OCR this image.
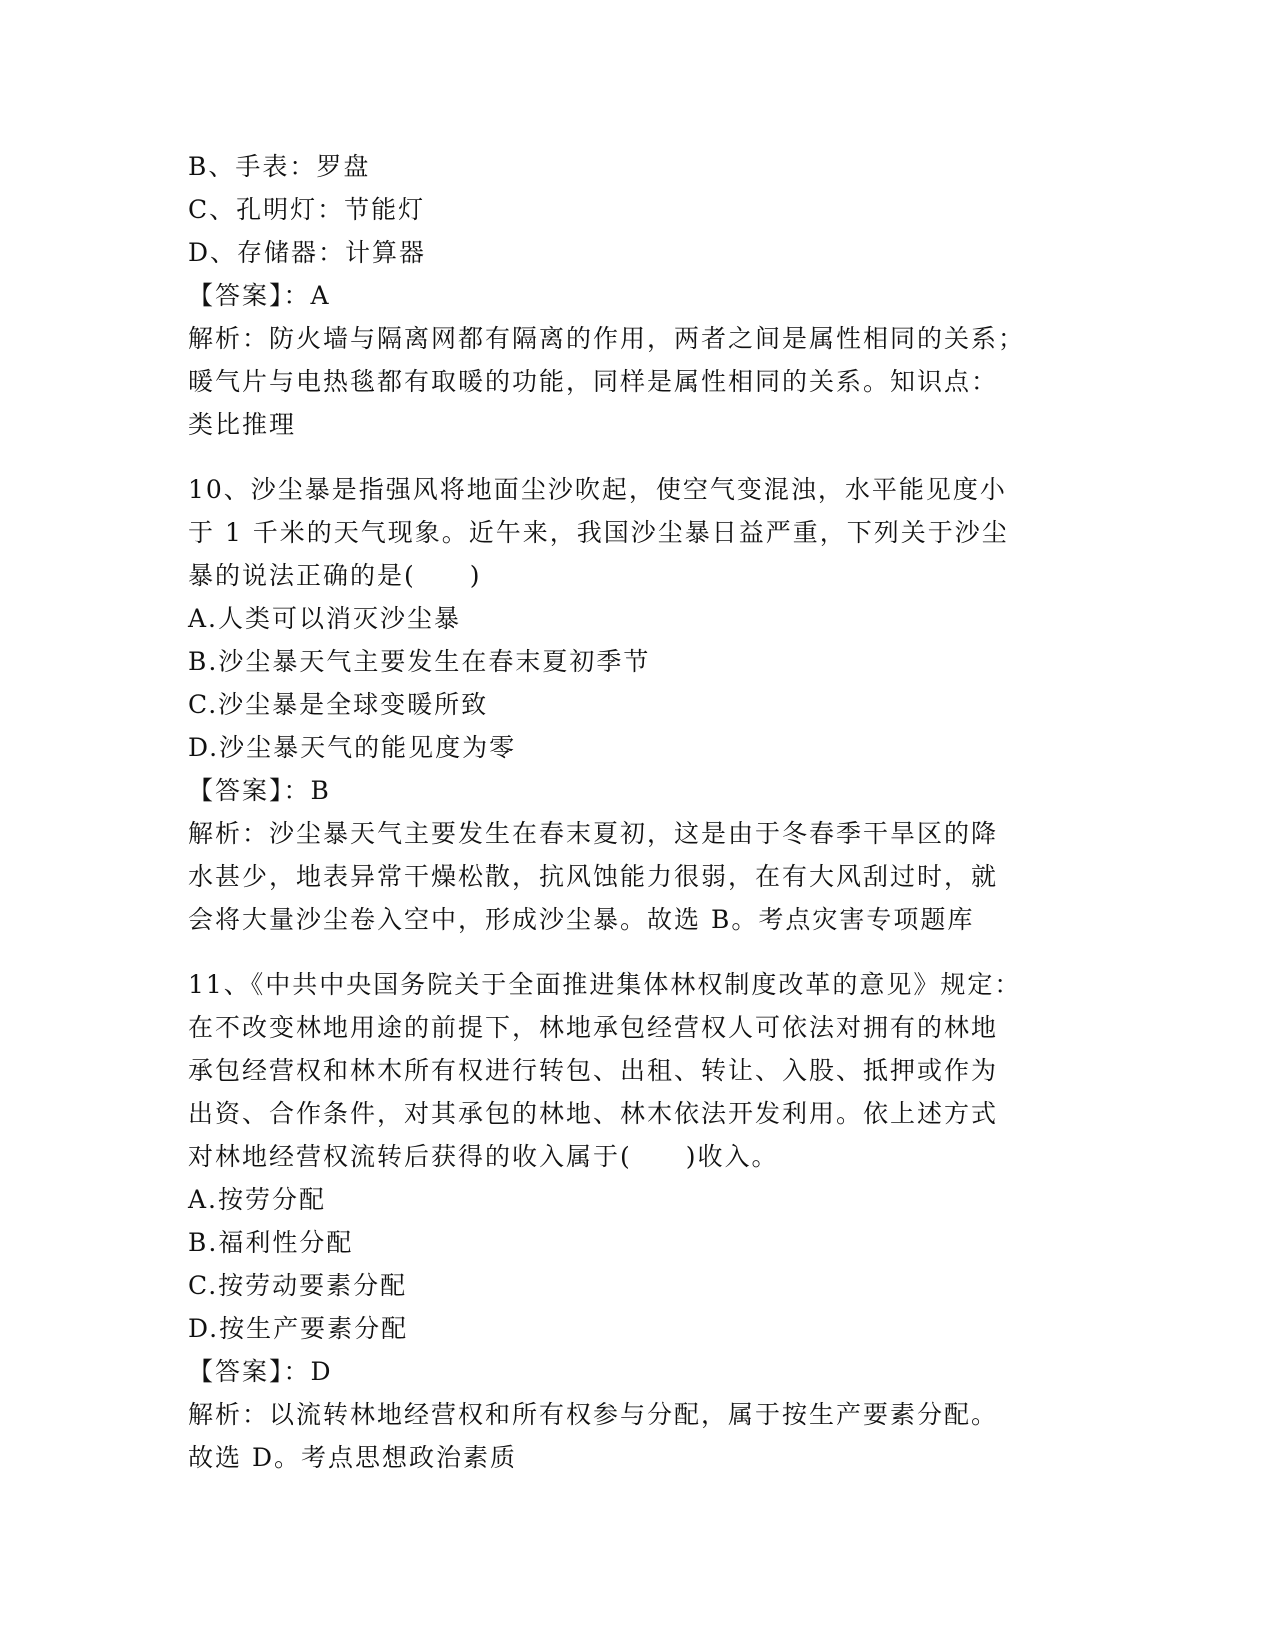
B、手表：罗盘
C、孔明灯：节能灯
D、存储器：计算器
【答案】：A
解析：防火墙与隔离网都有隔离的作用，两者之间是属性相同的关系；
暖气片与电热毯都有取暖的功能，同样是属性相同的关系。知识点：
类比推理
10、沙尘暴是指强风将地面尘沙吹起，使空气变混浊，水平能见度小
于 1 千米的天气现象。近午来，我国沙尘暴日益严重，下列关于沙尘
暴的说法正确的是(　　)
A.人类可以消灭沙尘暴
B.沙尘暴天气主要发生在春末夏初季节
C.沙尘暴是全球变暖所致
D.沙尘暴天气的能见度为零
【答案】：B
解析：沙尘暴天气主要发生在春末夏初，这是由于冬春季干旱区的降
水甚少，地表异常干燥松散，抗风蚀能力很弱，在有大风刮过时，就
会将大量沙尘卷入空中，形成沙尘暴。故选 B。考点灾害专项题库
11、《中共中央国务院关于全面推进集体林权制度改革的意见》规定：
在不改变林地用途的前提下，林地承包经营权人可依法对拥有的林地
承包经营权和林木所有权进行转包、出租、转让、入股、抵押或作为
出资、合作条件，对其承包的林地、林木依法开发利用。依上述方式
对林地经营权流转后获得的收入属于(　　)收入。
A.按劳分配
B.福利性分配
C.按劳动要素分配
D.按生产要素分配
【答案】：D
解析：以流转林地经营权和所有权参与分配，属于按生产要素分配。
故选 D。考点思想政治素质
